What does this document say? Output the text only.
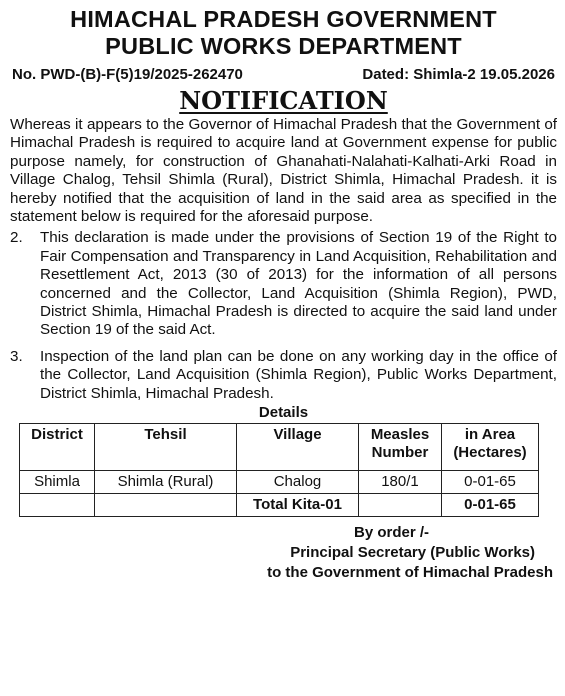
HIMACHAL PRADESH GOVERNMENT
PUBLIC WORKS DEPARTMENT
No. PWD-(B)-F(5)19/2025-262470	Dated: Shimla-2 19.05.2026
NOTIFICATION
Whereas it appears to the Governor of Himachal Pradesh that the Government of Himachal Pradesh is required to acquire land at Government expense for public purpose namely, for construction of Ghanahati-Nalahati-Kalhati-Arki Road in Village Chalog, Tehsil Shimla (Rural), District Shimla, Himachal Pradesh. it is hereby notified that the acquisition of land in the said area as specified in the statement below is required for the aforesaid purpose.
2.	This declaration is made under the provisions of Section 19 of the Right to Fair Compensation and Transparency in Land Acquisition, Rehabilitation and Resettlement Act, 2013 (30 of 2013) for the information of all persons concerned and the Collector, Land Acquisition (Shimla Region), PWD, District Shimla, Himachal Pradesh is directed to acquire the said land under Section 19 of the said Act.
3.	Inspection of the land plan can be done on any working day in the office of the Collector, Land Acquisition (Shimla Region), Public Works Department, District Shimla, Himachal Pradesh.
Details
District	Tehsil	Village	Measles Number	in Area (Hectares)
Shimla	Shimla (Rural)	Chalog	180/1	0-01-65
		Total Kita-01		0-01-65
By order /-
Principal Secretary (Public Works)
to the Government of Himachal Pradesh
